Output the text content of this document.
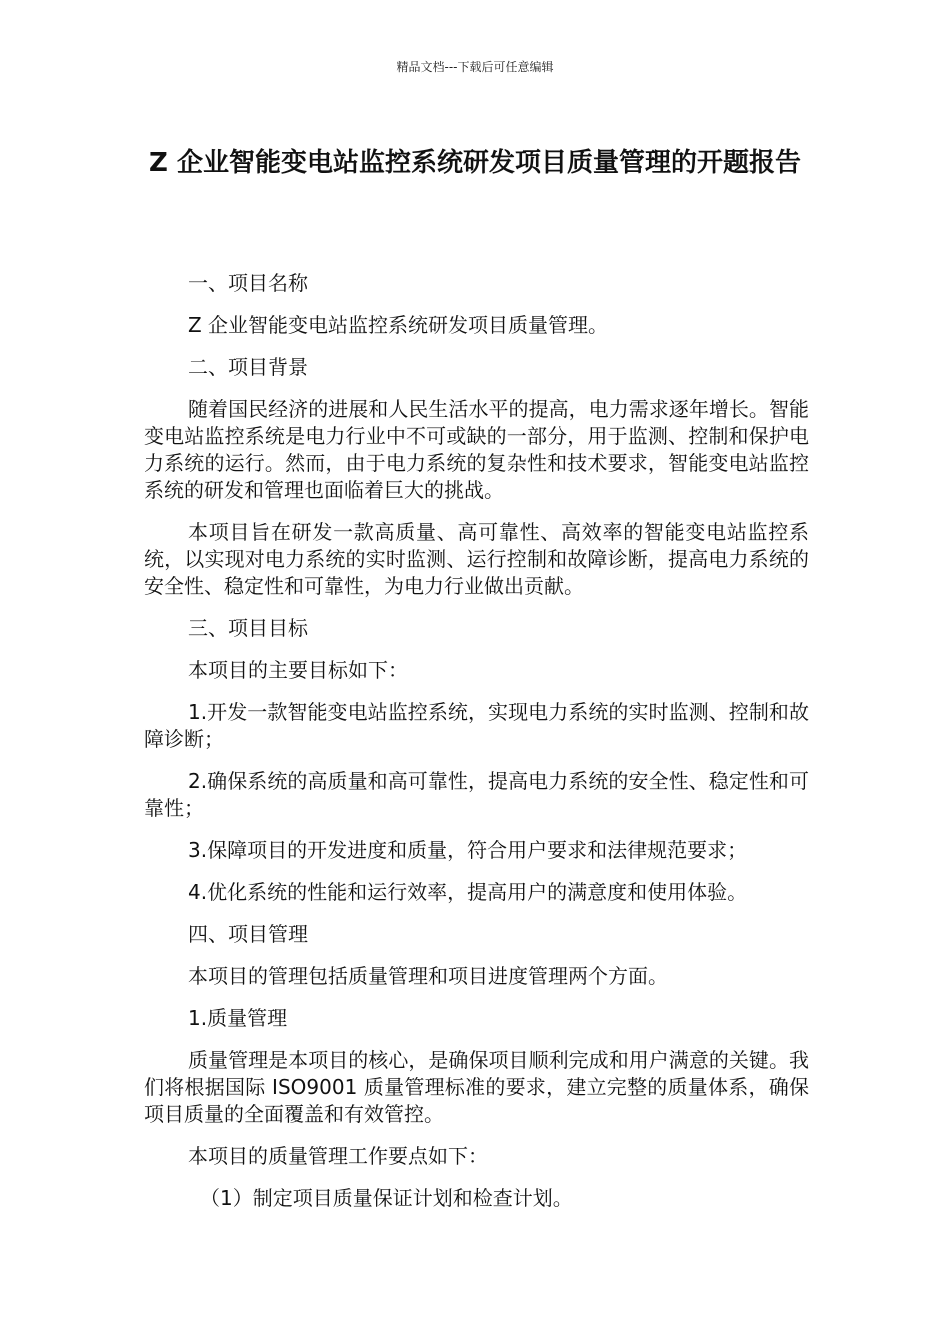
精品文档---下载后可任意编辑
Z 企业智能变电站监控系统研发项目质量管理的开题报告

一、项目名称

Z 企业智能变电站监控系统研发项目质量管理。

二、项目背景

随着国民经济的进展和人民生活水平的提高，电力需求逐年增长。智能变电站监控系统是电力行业中不可或缺的一部分，用于监测、控制和保护电力系统的运行。然而，由于电力系统的复杂性和技术要求，智能变电站监控系统的研发和管理也面临着巨大的挑战。

本项目旨在研发一款高质量、高可靠性、高效率的智能变电站监控系统，以实现对电力系统的实时监测、运行控制和故障诊断，提高电力系统的安全性、稳定性和可靠性，为电力行业做出贡献。

三、项目目标

本项目的主要目标如下：

1.开发一款智能变电站监控系统，实现电力系统的实时监测、控制和故障诊断；

2.确保系统的高质量和高可靠性，提高电力系统的安全性、稳定性和可靠性；

3.保障项目的开发进度和质量，符合用户要求和法律规范要求；

4.优化系统的性能和运行效率，提高用户的满意度和使用体验。

四、项目管理

本项目的管理包括质量管理和项目进度管理两个方面。

1.质量管理

质量管理是本项目的核心，是确保项目顺利完成和用户满意的关键。我们将根据国际 ISO9001 质量管理标准的要求，建立完整的质量体系，确保项目质量的全面覆盖和有效管控。

本项目的质量管理工作要点如下：

（1）制定项目质量保证计划和检查计划。
